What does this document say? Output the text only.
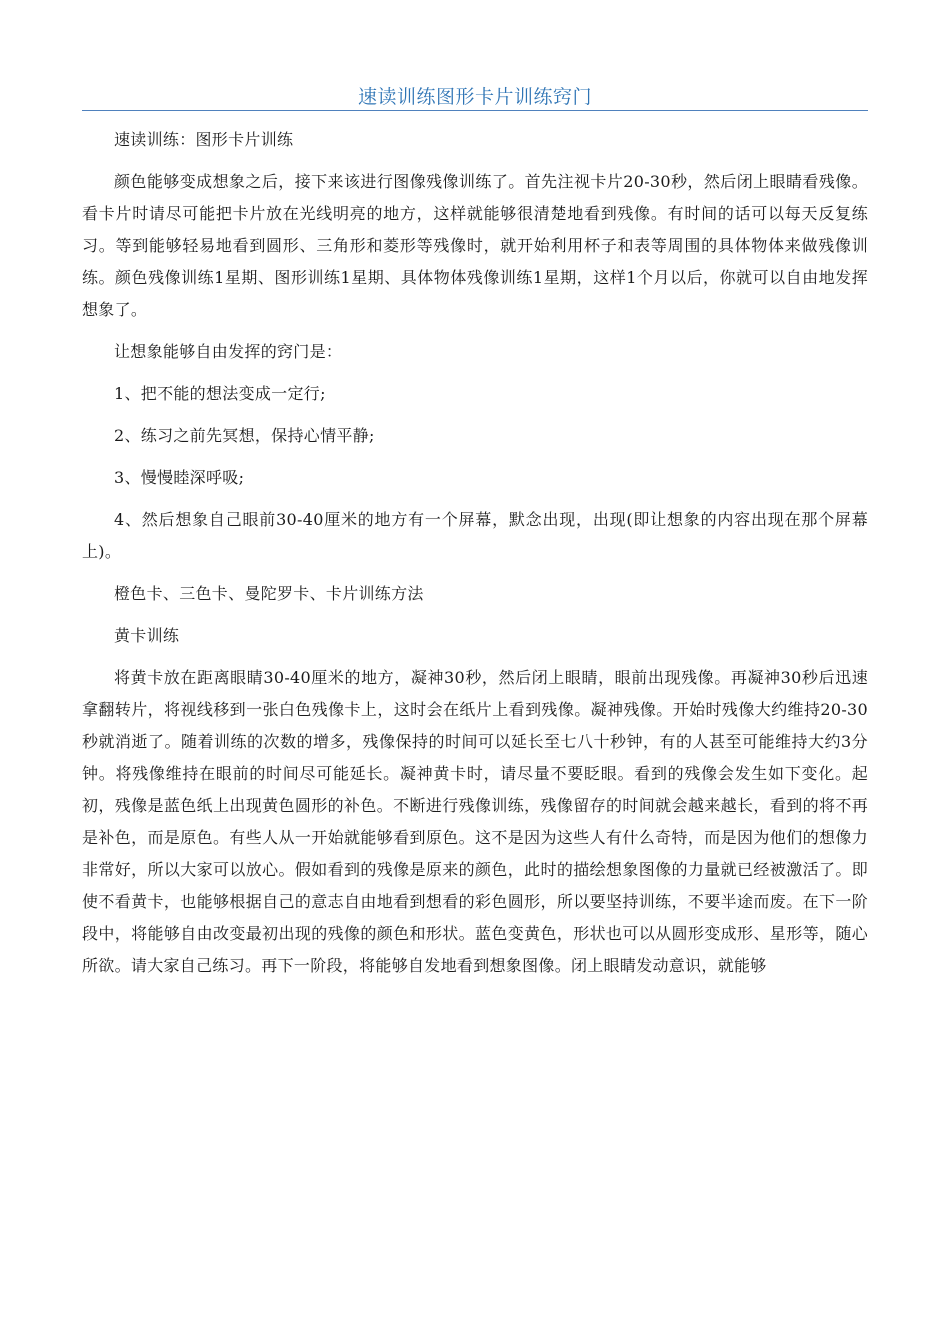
速读训练图形卡片训练窍门

速读训练：图形卡片训练

颜色能够变成想象之后，接下来该进行图像残像训练了。首先注视卡片20-30秒，然后闭上眼睛看残像。看卡片时请尽可能把卡片放在光线明亮的地方，这样就能够很清楚地看到残像。有时间的话可以每天反复练习。等到能够轻易地看到圆形、三角形和菱形等残像时，就开始利用杯子和表等周围的具体物体来做残像训练。颜色残像训练1星期、图形训练1星期、具体物体残像训练1星期，这样1个月以后，你就可以自由地发挥想象了。

让想象能够自由发挥的窍门是：

1、把不能的想法变成一定行;

2、练习之前先冥想，保持心情平静;

3、慢慢睦深呼吸;

4、然后想象自己眼前30-40厘米的地方有一个屏幕，默念出现，出现(即让想象的内容出现在那个屏幕上)。

橙色卡、三色卡、曼陀罗卡、卡片训练方法

黄卡训练

将黄卡放在距离眼睛30-40厘米的地方，凝神30秒，然后闭上眼睛，眼前出现残像。再凝神30秒后迅速拿翻转片，将视线移到一张白色残像卡上，这时会在纸片上看到残像。凝神残像。开始时残像大约维持20-30秒就消逝了。随着训练的次数的增多，残像保持的时间可以延长至七八十秒钟，有的人甚至可能维持大约3分钟。将残像维持在眼前的时间尽可能延长。凝神黄卡时，请尽量不要眨眼。看到的残像会发生如下变化。起初，残像是蓝色纸上出现黄色圆形的补色。不断进行残像训练，残像留存的时间就会越来越长，看到的将不再是补色，而是原色。有些人从一开始就能够看到原色。这不是因为这些人有什么奇特，而是因为他们的想像力非常好，所以大家可以放心。假如看到的残像是原来的颜色，此时的描绘想象图像的力量就已经被激活了。即使不看黄卡，也能够根据自己的意志自由地看到想看的彩色圆形，所以要坚持训练，不要半途而废。在下一阶段中，将能够自由改变最初出现的残像的颜色和形状。蓝色变黄色，形状也可以从圆形变成形、星形等，随心所欲。请大家自己练习。再下一阶段，将能够自发地看到想象图像。闭上眼睛发动意识，就能够
